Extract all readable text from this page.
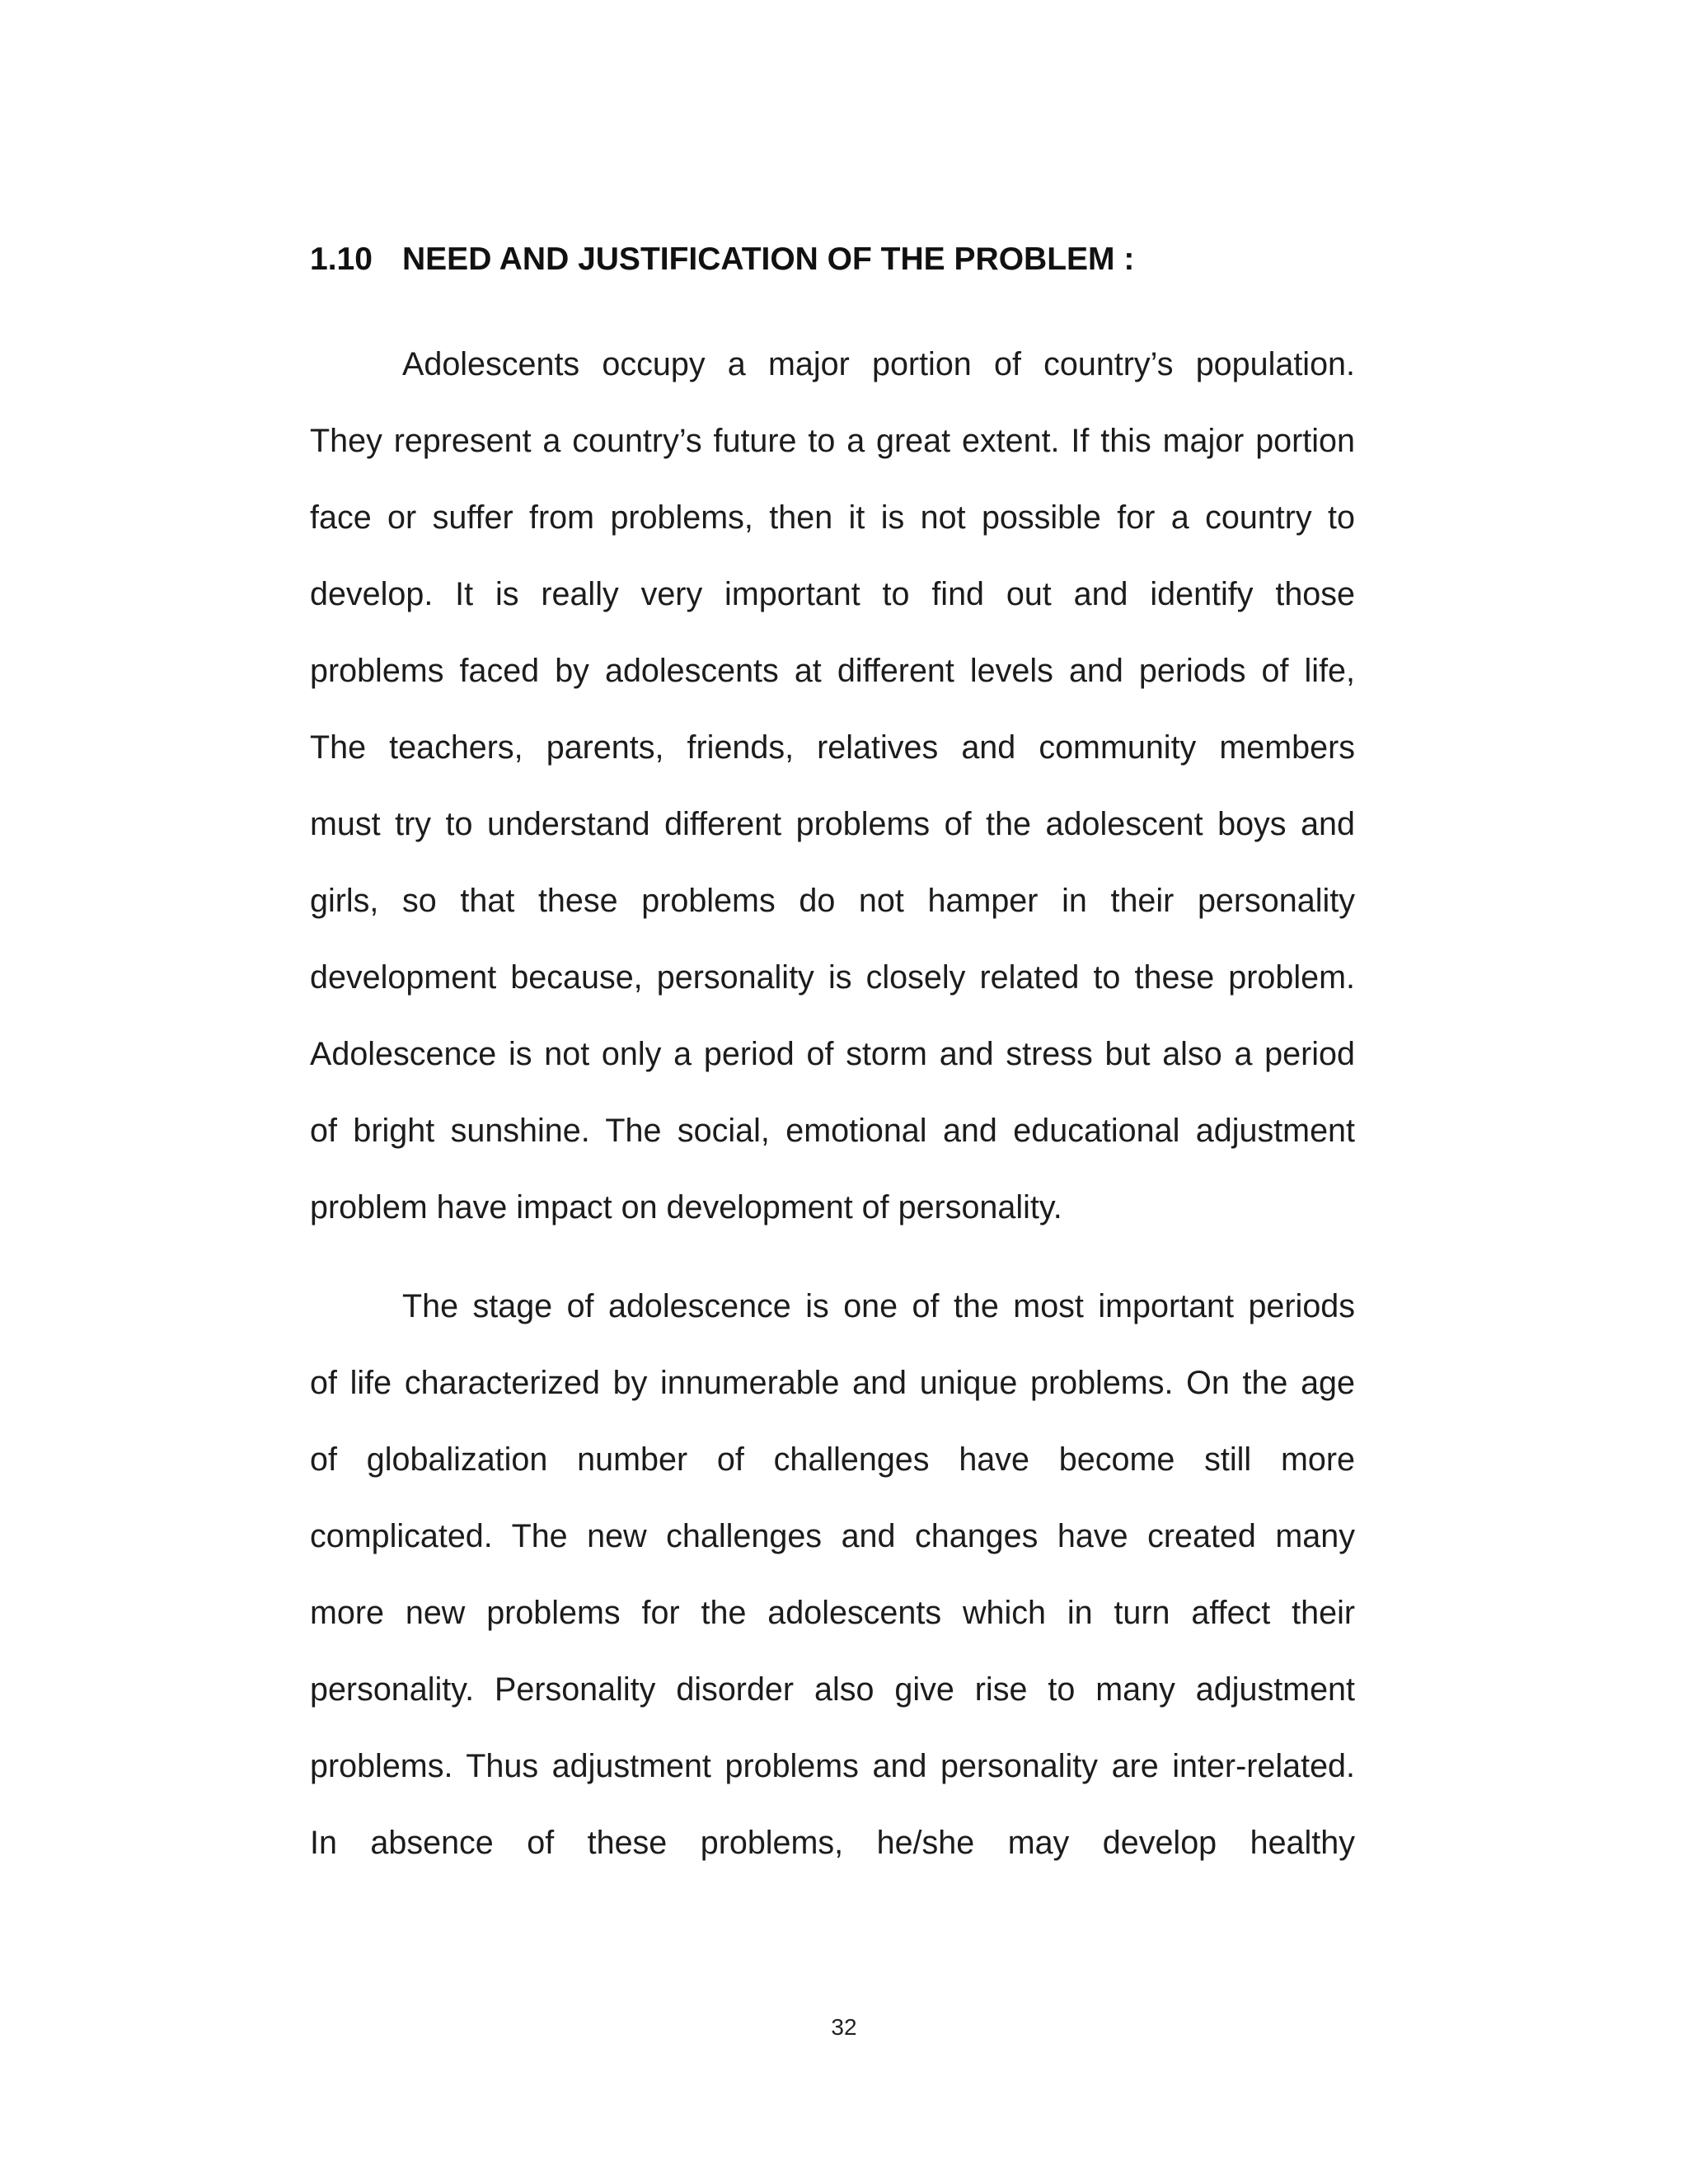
1.10 NEED AND JUSTIFICATION OF THE PROBLEM :
Adolescents occupy a major portion of country’s population.
They represent a country’s future to a great extent. If this major portion
face or suffer from problems, then it is not possible for a country to
develop. It is really very important to find out and identify those
problems faced by adolescents at different levels and periods of life,
The teachers, parents, friends, relatives and community members
must try to understand different problems of the adolescent boys and
girls, so that these problems do not hamper in their personality
development because, personality is closely related to these problem.
Adolescence is not only a period of storm and stress but also a period
of bright sunshine. The social, emotional and educational adjustment
problem have impact on development of personality.
The stage of adolescence is one of the most important periods
of life characterized by innumerable and unique problems. On the age
of globalization number of challenges have become still more
complicated. The new challenges and changes have created many
more new problems for the adolescents which in turn affect their
personality. Personality disorder also give rise to many adjustment
problems. Thus adjustment problems and personality are inter-related.
In absence of these problems, he/she may develop healthy
32
